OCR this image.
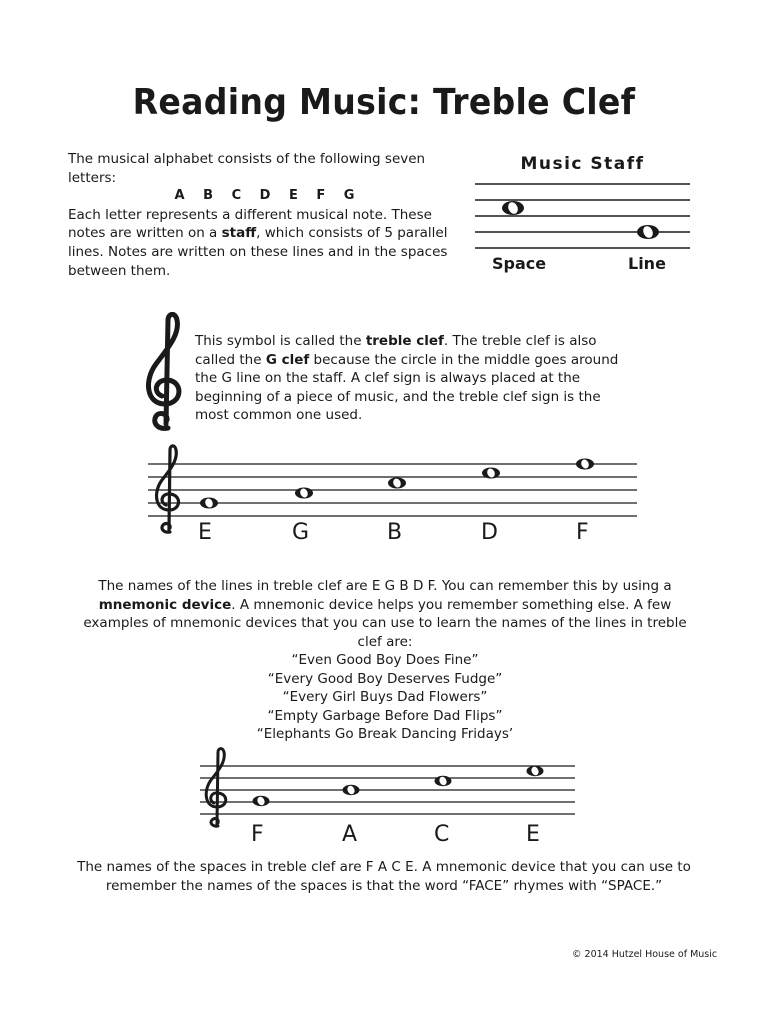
Reading Music: Treble Clef
The musical alphabet consists of the following seven letters:
A B C D E F G
Each letter represents a different musical note. These notes are written on a staff, which consists of 5 parallel lines. Notes are written on these lines and in the spaces between them.
Music Staff
Space	Line
This symbol is called the treble clef. The treble clef is also called the G clef because the circle in the middle goes around the G line on the staff. A clef sign is always placed at the beginning of a piece of music, and the treble clef sign is the most common one used.
E	G	B	D	F
The names of the lines in treble clef are E G B D F. You can remember this by using a mnemonic device. A mnemonic device helps you remember something else. A few examples of mnemonic devices that you can use to learn the names of the lines in treble clef are:
“Even Good Boy Does Fine”
“Every Good Boy Deserves Fudge”
“Every Girl Buys Dad Flowers”
“Empty Garbage Before Dad Flips”
“Elephants Go Break Dancing Fridays’
F	A	C	E
The names of the spaces in treble clef are F A C E. A mnemonic device that you can use to remember the names of the spaces is that the word “FACE” rhymes with “SPACE.”
© 2014 Hutzel House of Music
